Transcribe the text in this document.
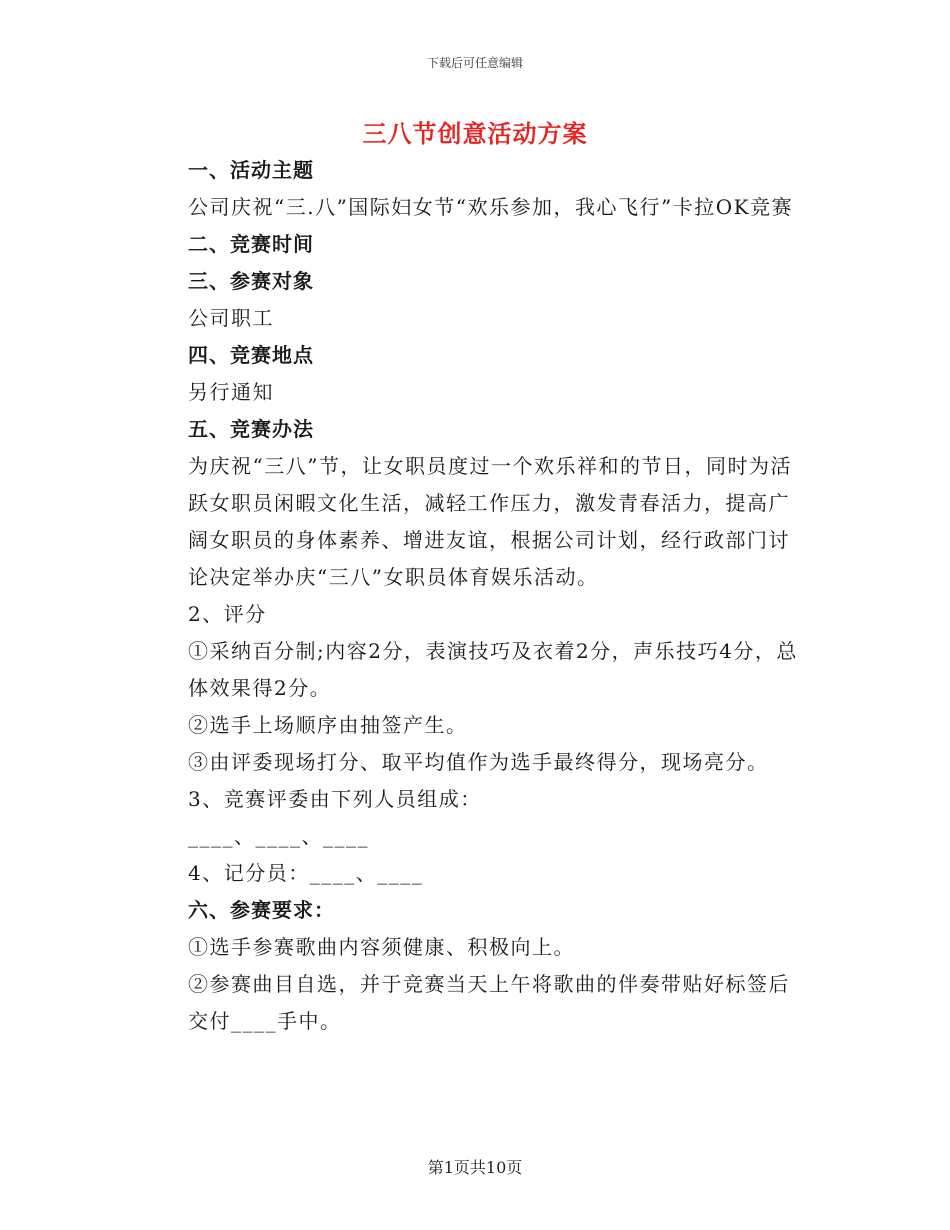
下载后可任意编辑
三八节创意活动方案

一、活动主题

公司庆祝“三.八”国际妇女节“欢乐参加，我心飞行”卡拉OK竞赛

二、竞赛时间

三、参赛对象

公司职工

四、竞赛地点

另行通知

五、竞赛办法

为庆祝“三八”节，让女职员度过一个欢乐祥和的节日，同时为活跃女职员闲暇文化生活，减轻工作压力，激发青春活力，提高广阔女职员的身体素养、增进友谊，根据公司计划，经行政部门讨论决定举办庆“三八”女职员体育娱乐活动。

2、评分

①采纳百分制;内容2分，表演技巧及衣着2分，声乐技巧4分，总体效果得2分。

②选手上场顺序由抽签产生。

③由评委现场打分、取平均值作为选手最终得分，现场亮分。

3、竞赛评委由下列人员组成：

____、____、____

4、记分员：____、____

六、参赛要求：

①选手参赛歌曲内容须健康、积极向上。

②参赛曲目自选，并于竞赛当天上午将歌曲的伴奏带贴好标签后交付____手中。

第1页共10页
